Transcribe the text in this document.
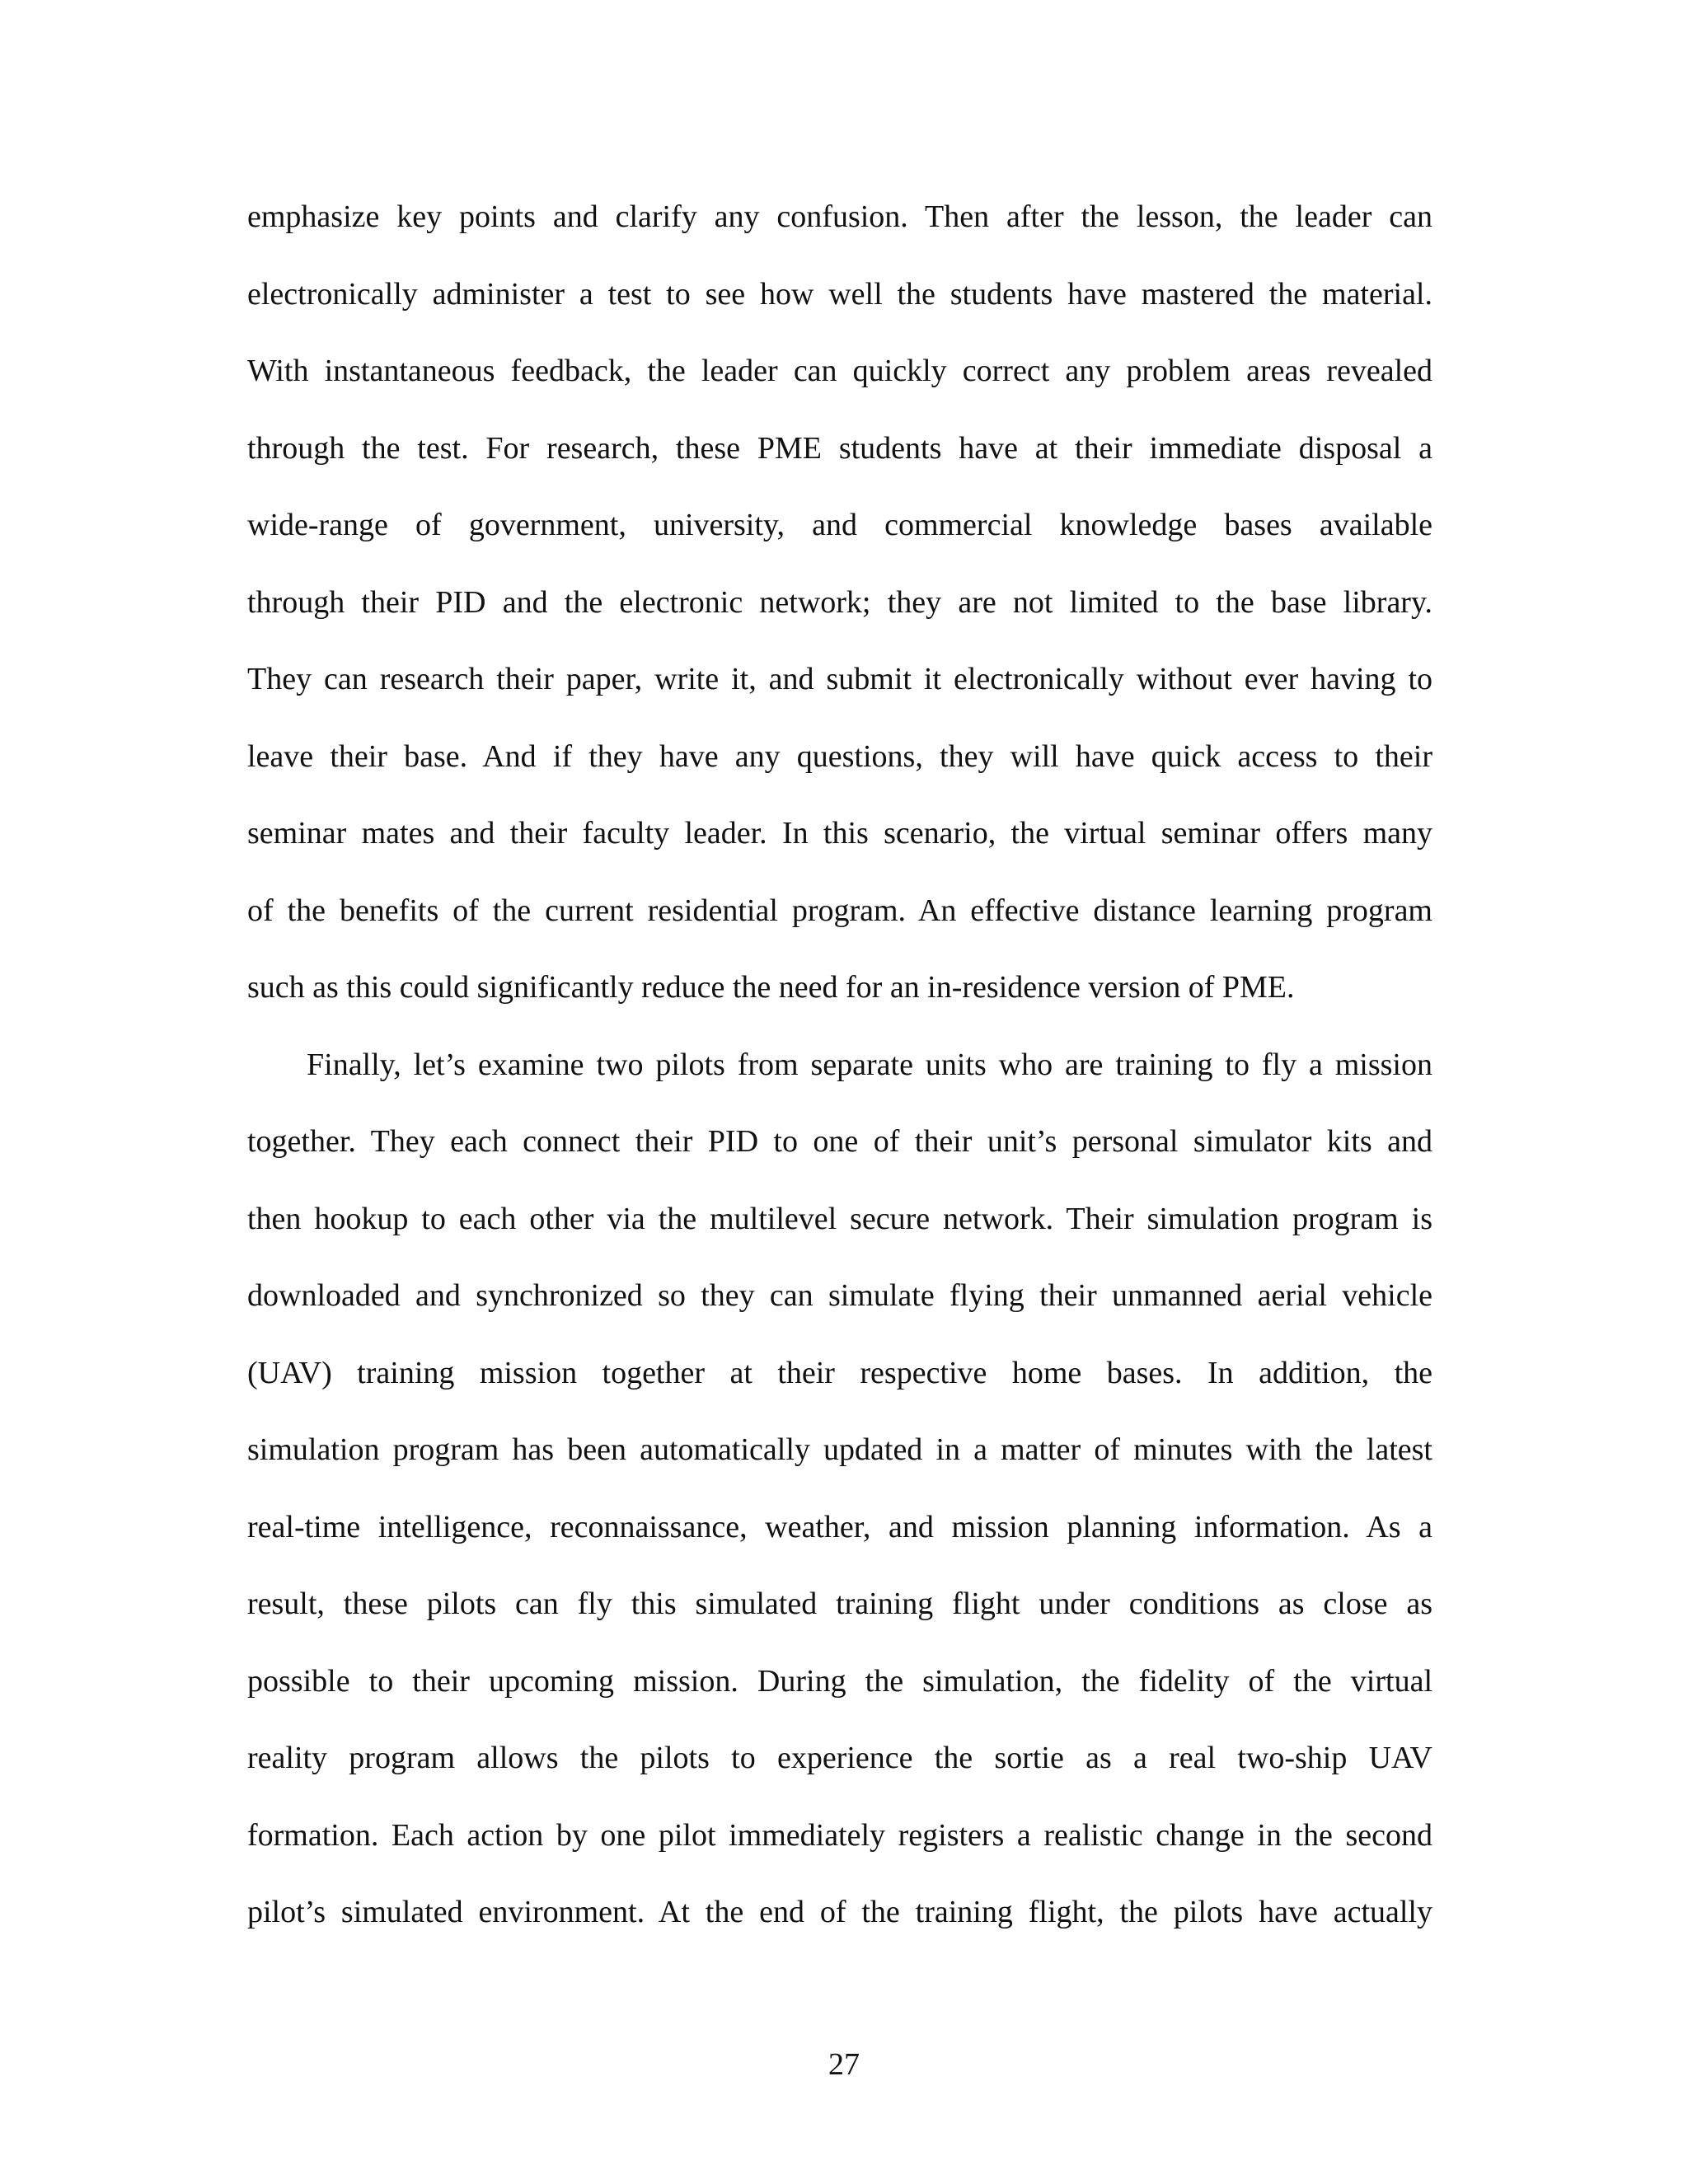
emphasize key points and clarify any confusion. Then after the lesson, the leader can
electronically administer a test to see how well the students have mastered the material.
With instantaneous feedback, the leader can quickly correct any problem areas revealed
through the test. For research, these PME students have at their immediate disposal a
wide-range of government, university, and commercial knowledge bases available
through their PID and the electronic network; they are not limited to the base library.
They can research their paper, write it, and submit it electronically without ever having to
leave their base. And if they have any questions, they will have quick access to their
seminar mates and their faculty leader. In this scenario, the virtual seminar offers many
of the benefits of the current residential program. An effective distance learning program
such as this could significantly reduce the need for an in-residence version of PME.
Finally, let’s examine two pilots from separate units who are training to fly a mission
together. They each connect their PID to one of their unit’s personal simulator kits and
then hookup to each other via the multilevel secure network. Their simulation program is
downloaded and synchronized so they can simulate flying their unmanned aerial vehicle
(UAV) training mission together at their respective home bases. In addition, the
simulation program has been automatically updated in a matter of minutes with the latest
real-time intelligence, reconnaissance, weather, and mission planning information. As a
result, these pilots can fly this simulated training flight under conditions as close as
possible to their upcoming mission. During the simulation, the fidelity of the virtual
reality program allows the pilots to experience the sortie as a real two-ship UAV
formation. Each action by one pilot immediately registers a realistic change in the second
pilot’s simulated environment. At the end of the training flight, the pilots have actually
27
